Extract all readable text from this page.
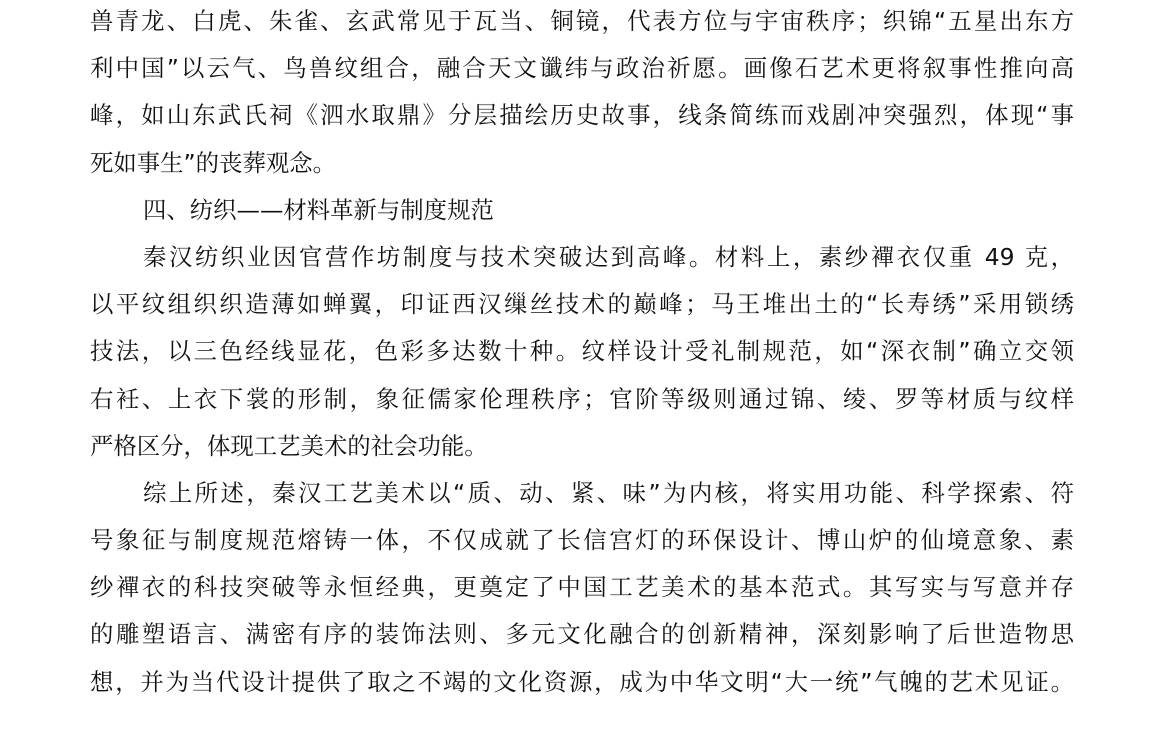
兽青龙、白虎、朱雀、玄武常见于瓦当、铜镜，代表方位与宇宙秩序；织锦“五星出东方
利中国”以云气、鸟兽纹组合，融合天文谶纬与政治祈愿。画像石艺术更将叙事性推向高
峰，如山东武氏祠《泗水取鼎》分层描绘历史故事，线条简练而戏剧冲突强烈，体现“事
死如事生”的丧葬观念。
四、纺织——材料革新与制度规范
秦汉纺织业因官营作坊制度与技术突破达到高峰。材料上，素纱襌衣仅重 49 克，
以平纹组织织造薄如蝉翼，印证西汉缫丝技术的巅峰；马王堆出土的“长寿绣”采用锁绣
技法，以三色经线显花，色彩多达数十种。纹样设计受礼制规范，如“深衣制”确立交领
右衽、上衣下裳的形制，象征儒家伦理秩序；官阶等级则通过锦、绫、罗等材质与纹样
严格区分，体现工艺美术的社会功能。
综上所述，秦汉工艺美术以“质、动、紧、味”为内核，将实用功能、科学探索、符
号象征与制度规范熔铸一体，不仅成就了长信宫灯的环保设计、博山炉的仙境意象、素
纱襌衣的科技突破等永恒经典，更奠定了中国工艺美术的基本范式。其写实与写意并存
的雕塑语言、满密有序的装饰法则、多元文化融合的创新精神，深刻影响了后世造物思
想，并为当代设计提供了取之不竭的文化资源，成为中华文明“大一统”气魄的艺术见证。
